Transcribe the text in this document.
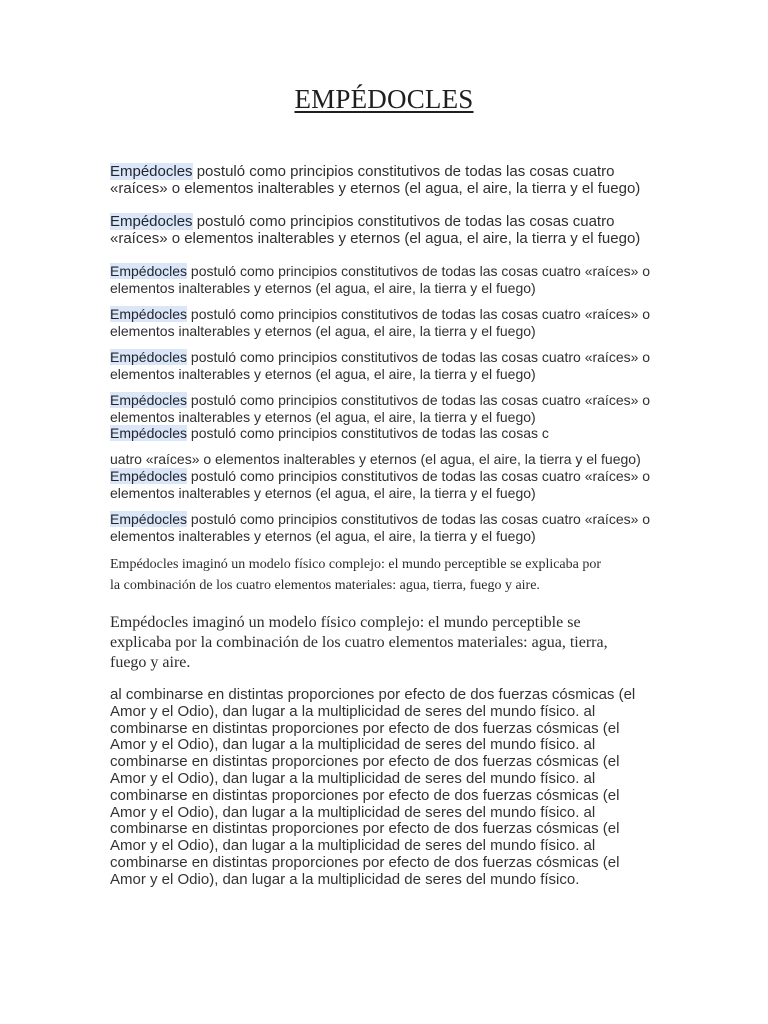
EMPÉDOCLES
Empédocles postuló como principios constitutivos de todas las cosas cuatro
«raíces» o elementos inalterables y eternos (el agua, el aire, la tierra y el fuego)
Empédocles postuló como principios constitutivos de todas las cosas cuatro
«raíces» o elementos inalterables y eternos (el agua, el aire, la tierra y el fuego)
Empédocles postuló como principios constitutivos de todas las cosas cuatro «raíces» o
elementos inalterables y eternos (el agua, el aire, la tierra y el fuego)
Empédocles postuló como principios constitutivos de todas las cosas cuatro «raíces» o
elementos inalterables y eternos (el agua, el aire, la tierra y el fuego)
Empédocles postuló como principios constitutivos de todas las cosas cuatro «raíces» o
elementos inalterables y eternos (el agua, el aire, la tierra y el fuego)
Empédocles postuló como principios constitutivos de todas las cosas cuatro «raíces» o
elementos inalterables y eternos (el agua, el aire, la tierra y el fuego)
Empédocles postuló como principios constitutivos de todas las cosas c
uatro «raíces» o elementos inalterables y eternos (el agua, el aire, la tierra y el fuego)
Empédocles postuló como principios constitutivos de todas las cosas cuatro «raíces» o
elementos inalterables y eternos (el agua, el aire, la tierra y el fuego)
Empédocles postuló como principios constitutivos de todas las cosas cuatro «raíces» o
elementos inalterables y eternos (el agua, el aire, la tierra y el fuego)
Empédocles imaginó un modelo físico complejo: el mundo perceptible se explicaba por
la combinación de los cuatro elementos materiales: agua, tierra, fuego y aire.
Empédocles imaginó un modelo físico complejo: el mundo perceptible se
explicaba por la combinación de los cuatro elementos materiales: agua, tierra,
fuego y aire.
al combinarse en distintas proporciones por efecto de dos fuerzas cósmicas (el
Amor y el Odio), dan lugar a la multiplicidad de seres del mundo físico. al
combinarse en distintas proporciones por efecto de dos fuerzas cósmicas (el
Amor y el Odio), dan lugar a la multiplicidad de seres del mundo físico. al
combinarse en distintas proporciones por efecto de dos fuerzas cósmicas (el
Amor y el Odio), dan lugar a la multiplicidad de seres del mundo físico. al
combinarse en distintas proporciones por efecto de dos fuerzas cósmicas (el
Amor y el Odio), dan lugar a la multiplicidad de seres del mundo físico. al
combinarse en distintas proporciones por efecto de dos fuerzas cósmicas (el
Amor y el Odio), dan lugar a la multiplicidad de seres del mundo físico. al
combinarse en distintas proporciones por efecto de dos fuerzas cósmicas (el
Amor y el Odio), dan lugar a la multiplicidad de seres del mundo físico.
